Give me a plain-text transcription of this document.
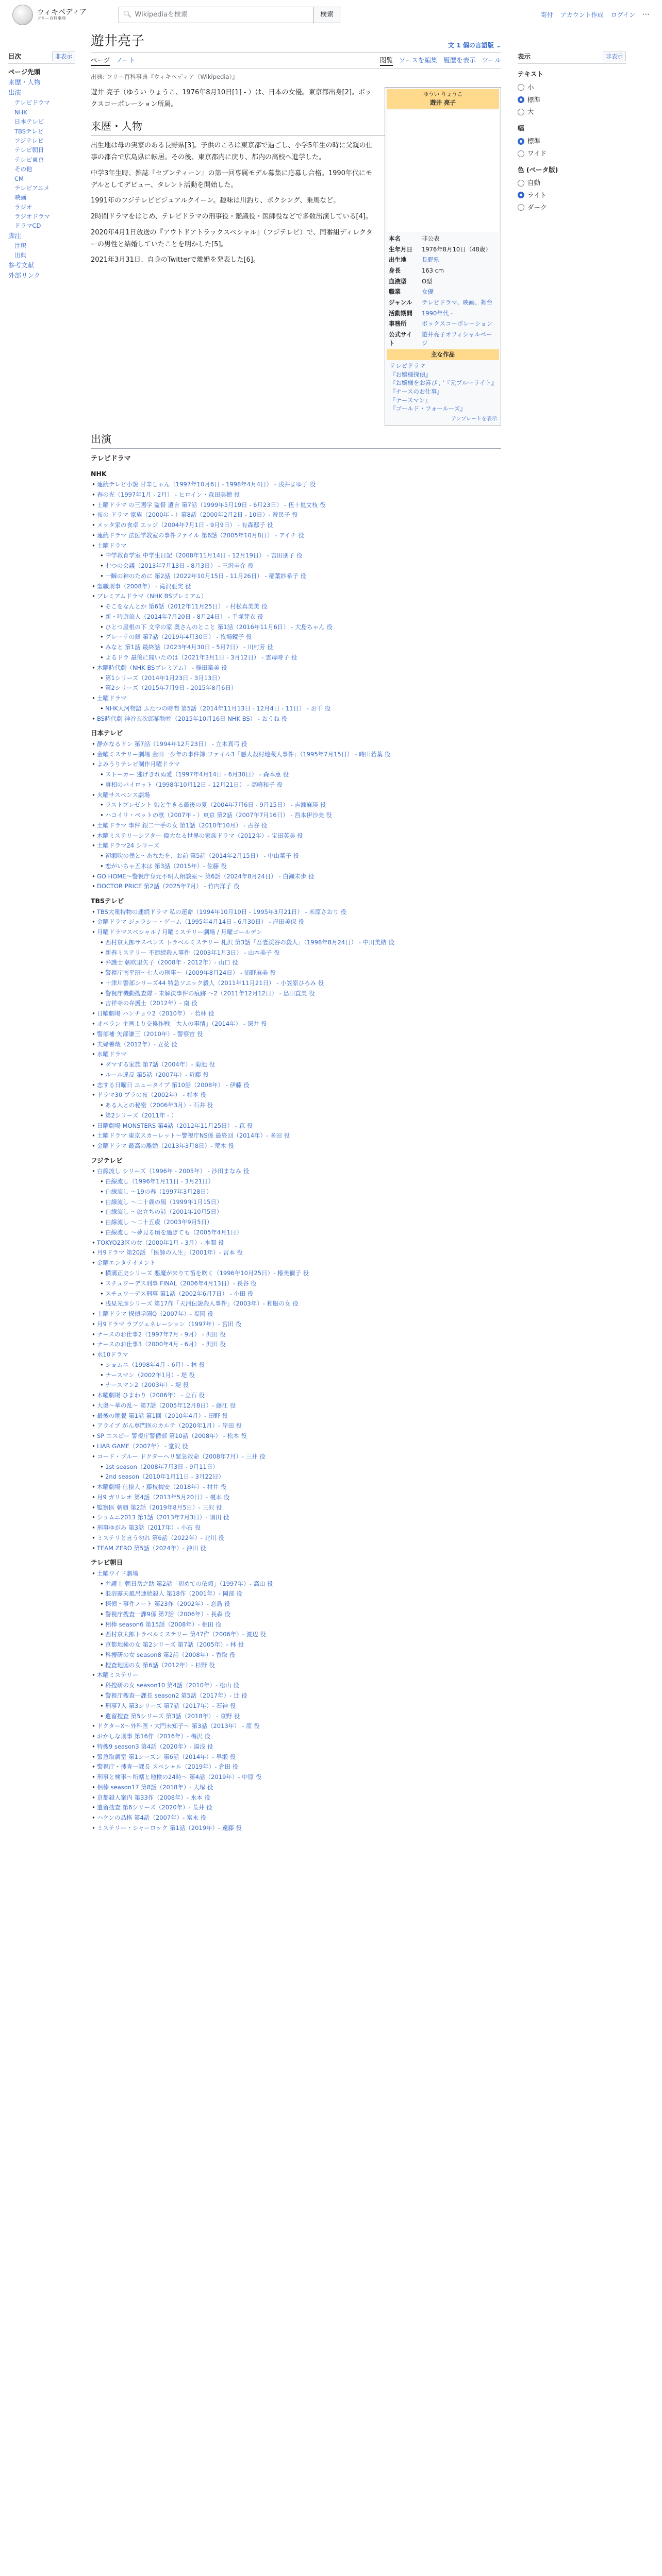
ウィキペディア
フリー百科事典	🔍︎ Wikipediaを検索	検索	寄付 アカウント作成 ログイン ⋯
目次	非表示
ページ先頭
来歴・人物
出演
テレビドラマ
NHK
日本テレビ
TBSテレビ
フジテレビ
テレビ朝日
テレビ東京
その他
CM
テレビアニメ
映画
ラジオ
ラジオドラマ
ドラマCD
脚注
注釈
出典
参考文献
外部リンク
遊井亮子	文︎ 1 個の言語版 ⌄
ページ ノート	閲覧 ソースを編集 履歴を表示 ツール
出典: フリー百科事典『ウィキペディア（Wikipedia）』
ゆうい りょうこ
遊井 亮子
本名	非公表
生年月日	1976年8月10日（48歳）
出生地	長野県
身長	163 cm
血液型	O型
職業	女優
ジャンル	テレビドラマ、映画、舞台
活動期間	1990年代 -
事務所	ボックスコーポレーション
公式サイト	遊井亮子オフィシャルページ
主な作品
テレビドラマ
『お嬢様探偵』
『お嬢様をお喜び', '『元ブルーライト』
『ナースのお仕事』
『ナースマン』
『ゴールド・フォールーズ』
テンプレートを表示

遊井 亮子（ゆうい りょうこ、1976年8月10日[1] - ）は、日本の女優。東京都出身[2]。ボックスコーポレーション所属。

来歴・人物

出生地は母の実家のある長野県[3]。子供のころは東京都で過ごし、小学5年生の時に父親の仕事の都合で広島県に転居。その後、東京都内に戻り、都内の高校へ進学した。

中学3年生時、雑誌『セブンティーン』の第一回専属モデル募集に応募し合格。1990年代にモデルとしてデビュー、タレント活動を開始した。

1991年のフジテレビビジュアルクイーン。趣味は川釣り、ボクシング、乗馬など。

2時間ドラマをはじめ、テレビドラマの刑事役・鑑識役・医師役などで多数出演している[4]。

2020年4月1日放送の『アウトドアトラックスペシャル』（フジテレビ）で、同番組ディレクターの男性と結婚していたことを明かした[5]。

2021年3月31日、自身のTwitterで離婚を発表した[6]。

出演
テレビドラマ
NHK
• 連続テレビ小説 甘辛しゃん（1997年10月6日 - 1998年4月4日） - 浅井まゆ子 役
• 春の光（1997年1月 - 2月） - ヒロイン・森田美穂 役
• 土曜ドラマ の三國学 監督 遺言 第7話（1999年5月19日 - 6月23日） - 伍十嵐文枝 役
• 夜の ドラマ 家族（2000年 - ）第8話（2000年2月2日 - 10日）- 遊民子 役
• メッタ家の食卓 エッジ（2004年7月1日 - 9月9日） - 有森邸子 役
• 連続ドラマ 法医学教室の事件ファイル 第6話（2005年10月8日） - アイチ 役
• 土曜ドラマ
• 中学教育学室 中学生日記（2008年11月14日 - 12月19日） - 吉田朋子 役
• 七つの会議（2013年7月13日 - 8月3日） - 三沢圭介 役
• 一瞬の神のために 第2話（2022年10月15日 - 11月26日） - 稲葉紗希子 役
• 聖職刑事（2008年） - 滝沢亜実 役
• プレミアムドラマ（NHK BSプレミアム）
• そこをなんとか 第6話（2012年11月25日） - 村松真美美 役
• 新・吟遊旅人（2014年7月20日 - 8月24日） - 手塚芽衣 役
• ひとつ屋根の下 文学の家 奥さんのとこと 第1話（2016年11月6日） - 大島ちゃん 役
• グレーテの館 第7話（2019年4月30日） - 牧場鏡子 役
• みなと 第1話 最終話（2023年4月30日 - 5月7日） - 川村芳 役
• よるドラ 最後に聞いたのは（2021年3月1日 - 3月12日） - 雲母時子 役
• 木曜時代劇（NHK BSプレミアム） - 稲田楽美 役
• 第1シリーズ（2014年1月23日 - 3月13日）
• 第2シリーズ（2015年7月9日 - 2015年8月6日）
• 土曜ドラマ
• NHK大河物語 ふたつの時間 第5話（2014年11月13日 - 12月4日 - 11日） - お千 役
• BS時代劇 神谷玄次郎捕物控（2015年10月16日 NHK BS） - おうね 役
日本テレビ
• 静かなるドン 第7話（1994年12月23日） - 立木真弓 役
• 金曜ミステリー劇場 金田一少年の事件簿 ファイル3「悪人殺村地蔵人事件」（1995年7月15日） - 時田若葉 役
• よみうりテレビ制作月曜ドラマ
• ストーカー 逃げきれぬ愛（1997年4月14日 - 6月30日） - 森本恵 役
• 真相のパイロット（1998年10月12日 - 12月21日） - 高崎和子 役
• 火曜サスペンス劇場
• ラストプレゼント 娘と生きる最後の夏（2004年7月6日 - 9月15日） - 吉瀬麻瑛 役
• ハコイリ・ペットの歌（2007年 - ）東京 第2話（2007年7月16日） - 西本伊沙美 役
• 土曜ドラマ 事件 銀二十手の女 第1話（2010年10月） - 古谷 役
• 木曜ミステリーシアター 偉大なる世界の家族ドラマ（2012年）- 宝田英美 役
• 土曜ドラマ24 シリーズ
• 初瀬吹の僕と〜あなたを、お前 第5話（2014年2月15日） - 中山菜子 役
• 恋がいちゃ五木は 第3話（2015年）- 佐藤 役
• GO HOME〜警視庁身元不明人相談室〜 第6話（2024年8月24日） - 白瀬未歩 役
• DOCTOR PRICE 第2話（2025年7月） - 竹内洋子 役
TBSテレビ
• TBS大衆特物の連続ドラマ 私の運命（1994年10月10日 - 1995年3月21日） - 米原さおり 役
• 金曜ドラマ ジェラシー・ゲーム（1995年4月14日 - 6月30日） - 岸田美保 役
• 月曜ドラマスペシャル / 月曜ミステリー劇場 / 月曜ゴールデン
• 西村京太郎サスペンス トラベルミステリー 札沢 第3話「吾妻渓谷の殺人」（1998年8月24日） - 中川美結 役
• 新春ミステリー 不連続殺人事件（2003年1月3日） - 山本美子 役
• 弁護士 朝吹里矢子（2008年 - 2012年）- 山口 役
• 警視庁南平班〜七人の刑事〜（2009年8月24日） - 浦野麻美 役
• 十津川警部シリーズ44 特急ソニック殺人（2011年11月21日） - 小笠原ひろみ 役
• 警視庁機動捜査隊 - 未解決事件の痕跡 ～2（2011年12月12日） - 島田直美 役
• 吉祥寺の弁護士（2012年）- 南 役
• 日曜劇場 ハンチョウ2（2010年） - 若林 役
• オペラン 企画より交換作戦「大人の事情」（2014年） - 深井 役
• 警部補 矢部謙三（2010年）- 警察官 役
• 夫婦善哉（2012年）- 立花 役
• 水曜ドラマ
• ダマする家族 第7話（2004年）- 菊池 役
• ルール違反 第5話（2007年）- 近藤 役
• 恋する日曜日 ニュータイプ 第10話（2008年） - 伊藤 役
• ドラマ30 ブラの夜（2002年） - 杉本 役
• ある人との秘密（2006年3月）- 石井 役
• 第2シリーズ（2011年 - ）
• 日曜劇場 MONSTERS 第4話（2012年11月25日） - 森 役
• 土曜ドラマ 東京スカーレット〜警視庁NS係 最終回（2014年）- 多田 役
• 金曜ドラマ 最高の離婚（2013年3月8日）- 荒木 役
フジテレビ
• 白線流し シリーズ（1996年 - 2005年） - 沙田まなみ 役
• 白線流し（1996年1月11日 - 3月21日）
• 白線流し 〜19の春（1997年3月28日）
• 白線流し 〜二十歳の風（1999年1月15日）
• 白線流し 〜旅立ちの詩（2001年10月5日）
• 白線流し 〜二十五歳（2003年9月5日）
• 白線流し 〜夢見る頃を過ぎても（2005年4月1日）
• TOKYO23区の女（2000年1月 - 3月）- 本間 役
• 月9ドラマ 第20話 「医師の人生」（2001年）- 宮本 役
• 金曜エンタテイメント
• 横溝正史シリーズ 悪魔が来りて笛を吹く（1996年10月25日）- 椿美禰子 役
• スチュワーデス刑事 FINAL（2006年4月13日）- 長谷 役
• スチュワーデス刑事 第1話（2002年6月7日） - 小田 役
• 浅見光彦シリーズ 第17作「天河伝説殺人事件」（2003年）- 和服の女 役
• 土曜ドラマ 探偵学園Q（2007年）- 福岡 役
• 月9ドラマ ラブジェネレーション（1997年）- 宮田 役
• ナースのお仕事2（1997年7月 - 9月） - 沢田 役
• ナースのお仕事3（2000年4月 - 6月） - 沢田 役
• 水10ドラマ
• ショムニ（1998年4月 - 6月）- 林 役
• ナースマン（2002年1月）- 堤 役
• ナースマン2（2003年）- 堤 役
• 木曜劇場 ひまわり（2006年） - 立石 役
• 大奥〜華の乱〜 第7話（2005年12月8日）- 藤江 役
• 最後の晩餐 第1話 第1回（2010年4月）- 田野 役
• アライブ がん専門医のカルテ（2020年1月）- 岸田 役
• SP エスピー 警視庁警備部 第10話（2008年） - 松本 役
• LIAR GAME（2007年） - 堂沢 役
• コード・ブルー ドクターヘリ緊急救命（2008年7月）- 三井 役
• 1st season（2008年7月3日 - 9月11日）
• 2nd season（2010年1月11日 - 3月22日）
• 木曜劇場 仕掛人・藤枝梅安（2018年）- 村井 役
• 月9 ガリレオ 第4話（2013年5月20日）- 榎本 役
• 監察医 朝顔 第2話（2019年8月5日）- 三沢 役
• ショムニ2013 第1話（2013年7月3日）- 須田 役
• 刑事ゆがみ 第3話（2017年）- 小石 役
• ミステリと言う勿れ 第6話（2022年）- 北川 役
• TEAM ZERO 第5話（2024年）- 沖田 役
テレビ朝日
• 土曜ワイド劇場
• 弁護士 朝日岳之助 第2話「初めての依頼」（1997年）- 高山 役
• 混浴露天風呂連続殺人 第18作（2001年）- 岡部 役
• 探偵・事件ノート 第23作（2002年）- 恋島 役
• 警視庁捜査一課9係 第7話（2006年）- 長森 役
• 相棒 season6 第15話（2008年）- 相田 役
• 西村京太郎トラベルミステリー 第47作（2006年）- 渡辺 役
• 京都地検の女 第2シリーズ 第7話（2005年）- 林 役
• 科捜研の女 season8 第2話（2008年）- 香取 役
• 捜査地図の女 第6話（2012年）- 杉野 役
• 木曜ミステリー
• 科捜研の女 season10 第4話（2010年）- 松山 役
• 警視庁捜査一課長 season2 第5話（2017年）- 辻 役
• 刑事7人 第3シリーズ 第7話（2017年）- 石神 役
• 遺留捜査 第5シリーズ 第3話（2018年） - 京野 役
• ドクターX〜外科医・大門未知子〜 第3話（2013年） - 原 役
• おかしな刑事 第16作（2016年）- 梅沢 役
• 特捜9 season3 第4話（2020年）- 湯浅 役
• 緊急取調室 第1シーズン 第6話（2014年）- 早瀬 役
• 警視庁・捜査一課長 スペシャル（2019年）- 倉田 役
• 刑事と検事〜所轄と地検の24時〜 第4話（2019年）- 中原 役
• 相棒 season17 第8話（2018年）- 大塚 役
• 京都殺人案内 第33作（2008年）- 水本 役
• 遺留捜査 第6シリーズ（2020年）- 荒井 役
• ハケンの品格 第4話（2007年）- 富永 役
• ミステリー・シャーロック 第1話（2019年）- 遠藤 役
表示	非表示
テキスト
小
標準
大
幅
標準
ワイド
色 (ベータ版)
自動
ライト
ダーク
